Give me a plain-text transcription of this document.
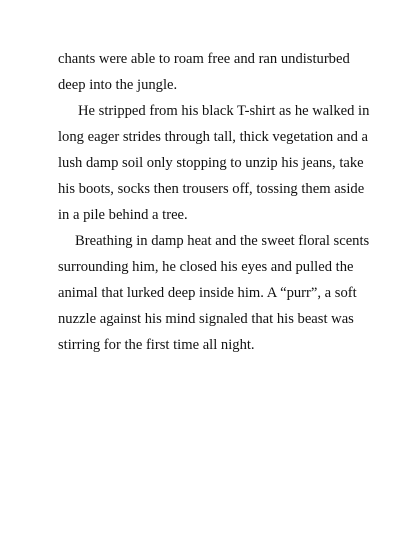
chants were able to roam free and ran undisturbed deep into the jungle.

He stripped from his black T-shirt as he walked in long eager strides through tall, thick vegetation and a lush damp soil only stopping to unzip his jeans, take his boots, socks then trousers off, tossing them aside in a pile behind a tree.

Breathing in damp heat and the sweet floral scents surrounding him, he closed his eyes and pulled the animal that lurked deep inside him. A “purr”, a soft nuzzle against his mind signaled that his beast was stirring for the first time all night.
